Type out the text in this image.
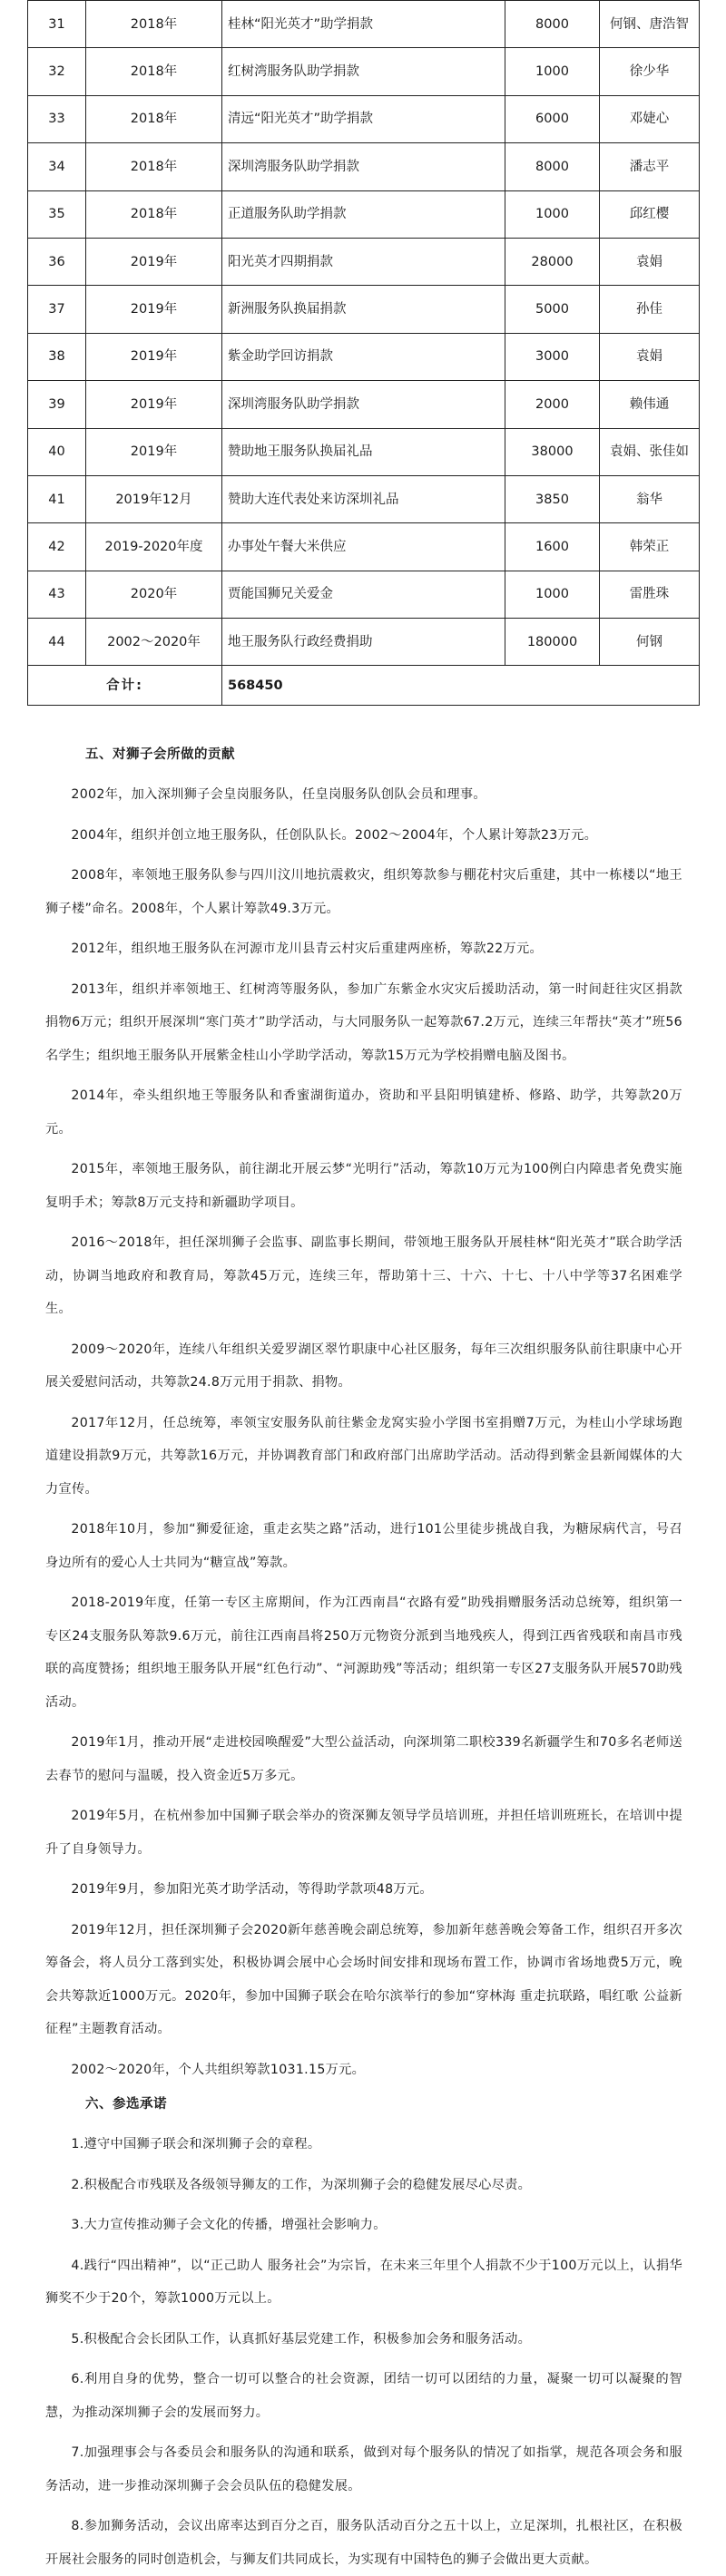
31	2018年	桂林“阳光英才”助学捐款	8000	何钢、唐浩智
32	2018年	红树湾服务队助学捐款	1000	徐少华
33	2018年	清远“阳光英才”助学捐款	6000	邓婕心
34	2018年	深圳湾服务队助学捐款	8000	潘志平
35	2018年	正道服务队助学捐款	1000	邱红樱
36	2019年	阳光英才四期捐款	28000	袁娟
37	2019年	新洲服务队换届捐款	5000	孙佳
38	2019年	紫金助学回访捐款	3000	袁娟
39	2019年	深圳湾服务队助学捐款	2000	赖伟通
40	2019年	赞助地王服务队换届礼品	38000	袁娟、张佳如
41	2019年12月	赞助大连代表处来访深圳礼品	3850	翁华
42	2019-2020年度	办事处午餐大米供应	1600	韩荣正
43	2020年	贾能国狮兄关爱金	1000	雷胜珠
44	2002～2020年	地王服务队行政经费捐助	180000	何钢
合计:		568450		
五、对狮子会所做的贡献

2002年，加入深圳狮子会皇岗服务队，任皇岗服务队创队会员和理事。

2004年，组织并创立地王服务队，任创队队长。2002～2004年，个人累计筹款23万元。

2008年，率领地王服务队参与四川汶川地抗震救灾，组织筹款参与棚花村灾后重建，其中一栋楼以“地王狮子楼”命名。2008年，个人累计筹款49.3万元。

2012年，组织地王服务队在河源市龙川县青云村灾后重建两座桥，筹款22万元。

2013年，组织并率领地王、红树湾等服务队，参加广东紫金水灾灾后援助活动，第一时间赶往灾区捐款捐物6万元；组织开展深圳“寒门英才”助学活动，与大同服务队一起筹款67.2万元，连续三年帮扶“英才”班56名学生；组织地王服务队开展紫金桂山小学助学活动，筹款15万元为学校捐赠电脑及图书。

2014年，牵头组织地王等服务队和香蜜湖街道办，资助和平县阳明镇建桥、修路、助学，共筹款20万元。

2015年，率领地王服务队，前往湖北开展云梦“光明行”活动，筹款10万元为100例白内障患者免费实施复明手术；筹款8万元支持和新疆助学项目。

2016～2018年，担任深圳狮子会监事、副监事长期间，带领地王服务队开展桂林“阳光英才”联合助学活动，协调当地政府和教育局，筹款45万元，连续三年，帮助第十三、十六、十七、十八中学等37名困难学生。

2009～2020年，连续八年组织关爱罗湖区翠竹职康中心社区服务，每年三次组织服务队前往职康中心开展关爱慰问活动，共筹款24.8万元用于捐款、捐物。

2017年12月，任总统筹，率领宝安服务队前往紫金龙窝实验小学图书室捐赠7万元，为桂山小学球场跑道建设捐款9万元，共筹款16万元，并协调教育部门和政府部门出席助学活动。活动得到紫金县新闻媒体的大力宣传。

2018年10月，参加“狮爱征途，重走玄奘之路”活动，进行101公里徒步挑战自我，为糖尿病代言，号召身边所有的爱心人士共同为“糖宣战”筹款。

2018-2019年度，任第一专区主席期间，作为江西南昌“衣路有爱”助残捐赠服务活动总统筹，组织第一专区24支服务队筹款9.6万元，前往江西南昌将250万元物资分派到当地残疾人，得到江西省残联和南昌市残联的高度赞扬；组织地王服务队开展“红色行动”、“河源助残”等活动；组织第一专区27支服务队开展570助残活动。

2019年1月，推动开展“走进校园唤醒爱”大型公益活动，向深圳第二职校339名新疆学生和70多名老师送去春节的慰问与温暖，投入资金近5万多元。

2019年5月，在杭州参加中国狮子联会举办的资深狮友领导学员培训班，并担任培训班班长，在培训中提升了自身领导力。

2019年9月，参加阳光英才助学活动，等得助学款项48万元。

2019年12月，担任深圳狮子会2020新年慈善晚会副总统筹，参加新年慈善晚会筹备工作，组织召开多次筹备会，将人员分工落到实处，积极协调会展中心会场时间安排和现场布置工作，协调市省场地费5万元，晚会共筹款近1000万元。2020年，参加中国狮子联会在哈尔滨举行的参加“穿林海 重走抗联路，唱红歌 公益新征程”主题教育活动。

2002～2020年，个人共组织筹款1031.15万元。

六、参选承诺

1.遵守中国狮子联会和深圳狮子会的章程。

2.积极配合市残联及各级领导狮友的工作，为深圳狮子会的稳健发展尽心尽责。

3.大力宣传推动狮子会文化的传播，增强社会影响力。

4.践行“四出精神”，以“正己助人 服务社会”为宗旨，在未来三年里个人捐款不少于100万元以上，认捐华狮奖不少于20个，筹款1000万元以上。

5.积极配合会长团队工作，认真抓好基层党建工作，积极参加会务和服务活动。

6.利用自身的优势，整合一切可以整合的社会资源，团结一切可以团结的力量，凝聚一切可以凝聚的智慧，为推动深圳狮子会的发展而努力。

7.加强理事会与各委员会和服务队的沟通和联系，做到对每个服务队的情况了如指掌，规范各项会务和服务活动，进一步推动深圳狮子会会员队伍的稳健发展。

8.参加狮务活动，会议出席率达到百分之百，服务队活动百分之五十以上，立足深圳，扎根社区，在积极开展社会服务的同时创造机会，与狮友们共同成长，为实现有中国特色的狮子会做出更大贡献。
